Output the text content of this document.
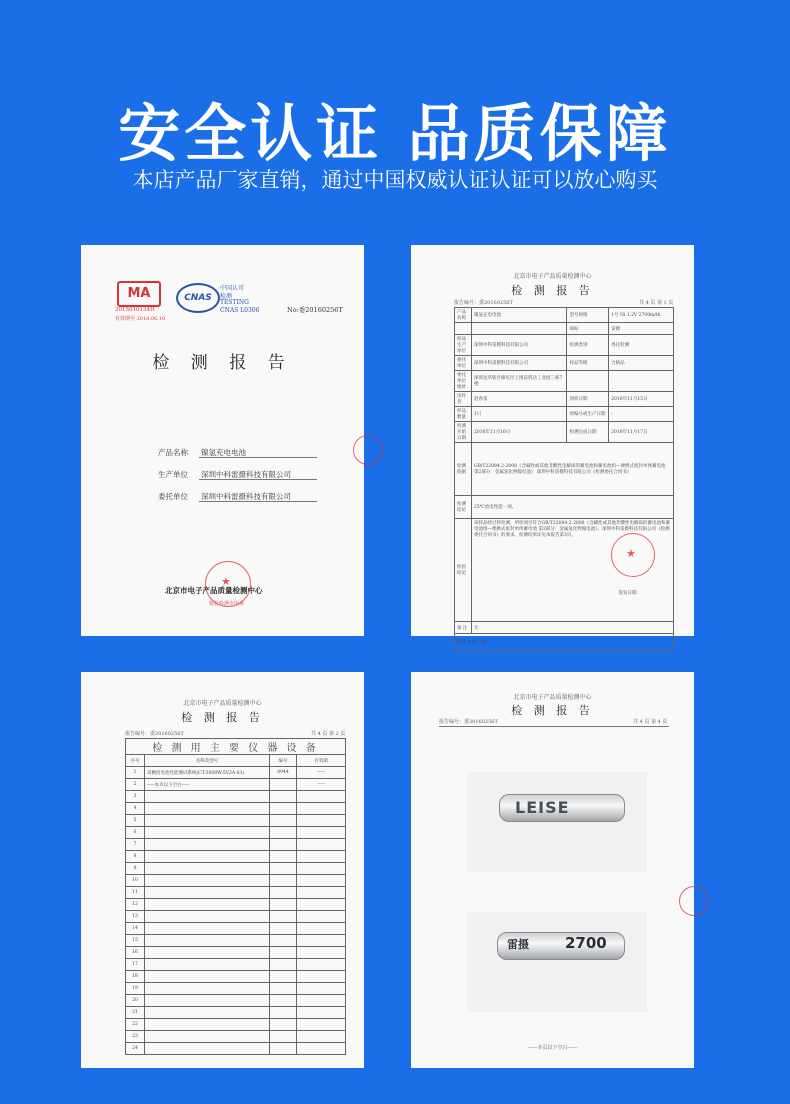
安全认证 品质保障
本店产品厂家直销，通过中国权威认证认证可以放心购买
MA
2015010134H
有效期至 2018.06.10
CNAS
中国认可
检测
TESTING
CNAS L0306	No:委20160256T
检 测 报 告
产品名称 镍氢充电电池
生产单位 深圳中科雷摄科技有限公司
委托单位 深圳中科雷摄科技有限公司
★
北京市电子产品质量检测中心
检验检测专用章
北京市电子产品质量检测中心
检 测 报 告
报告编号：委20160256T	共 4 页 第 1 页
产品名称	镍氢充电电池	型号规格	1号 Ni 1.2V 2700mAh
		商标	雷摄
样品生产单位	深圳中科雷摄科技有限公司	检测类别	委托检测
委托单位	深圳中科雷摄科技有限公司	样品等级	合格品
委托单位地址	深圳龙华新区樟坑径上围奋钒达工业园三栋7楼		
送样者	赵春雷	到样日期	2016年11月15日
样品数量	1只	原编号或生产日期	-
检测开始日期	2016年11月16日	检测完成日期	2016年11月17日
检测依据	GB/T22084.2-2008《含碱性或其他非酸性电解质的蓄电池和蓄电池组—便携式密封单体蓄电池 第2部分：金属氢化物镍电池》 深圳中科雷摄科技有限公司《检测委托合同书》		
检测结论	25℃放电性能一项。		
检验结论	该样品经过样检测，所检项目符合GB/T22084.2-2008《含碱性或其他非酸性电解质的蓄电池和蓄电池组—便携式密封单体蓄电池 第2部分：金属氢化物镍电池》、深圳中科雷摄科技有限公司《检测委托合同书》的要求。检测结果详见本报告第3页。
签发日期：		

备 注	无		
批准 审核 主检			
★
北京市电子产品质量检测中心
检 测 报 告
报告编号：委20160256T	共 4 页 第 2 页
检 测 用 主 要 仪 器 设 备			
序号	名称及型号	编号	有效期
1	高精度电池性能测试系统(CT-3008W-5V2A-S1)	0944	-----
2	-----本页以下空白-----		-----
3			
4			
5			
6			
7			
8			
9			
10			
11			
12			
13			
14			
15			
16			
17			
18			
19			
20			
21			
22			
23			
24			
北京市电子产品质量检测中心
检 测 报 告
报告编号：委20160256T	共 4 页 第 4 页
LEISE
雷摄 2700
——本页以下空白——
